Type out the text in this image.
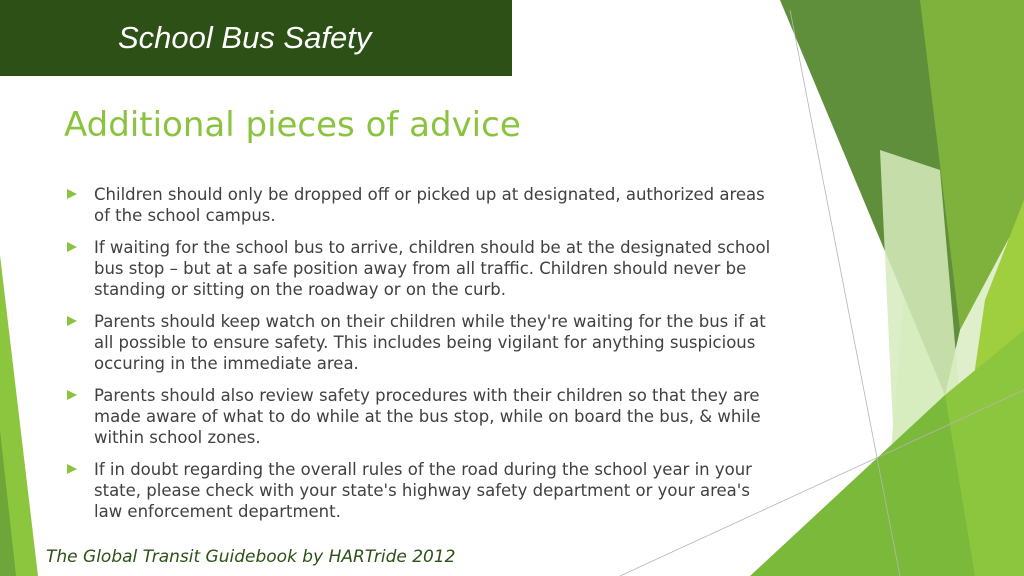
School Bus Safety
Additional pieces of advice
Children should only be dropped off or picked up at designated, authorized areas of the school campus.
If waiting for the school bus to arrive, children should be at the designated school bus stop – but at a safe position away from all traffic. Children should never be standing or sitting on the roadway or on the curb.
Parents should keep watch on their children while they're waiting for the bus if at all possible to ensure safety. This includes being vigilant for anything suspicious occuring in the immediate area.
Parents should also review safety procedures with their children so that they are made aware of what to do while at the bus stop, while on board the bus, & while within school zones.
If in doubt regarding the overall rules of the road during the school year in your state, please check with your state's highway safety department or your area's law enforcement department.

The Global Transit Guidebook by HARTride 2012
